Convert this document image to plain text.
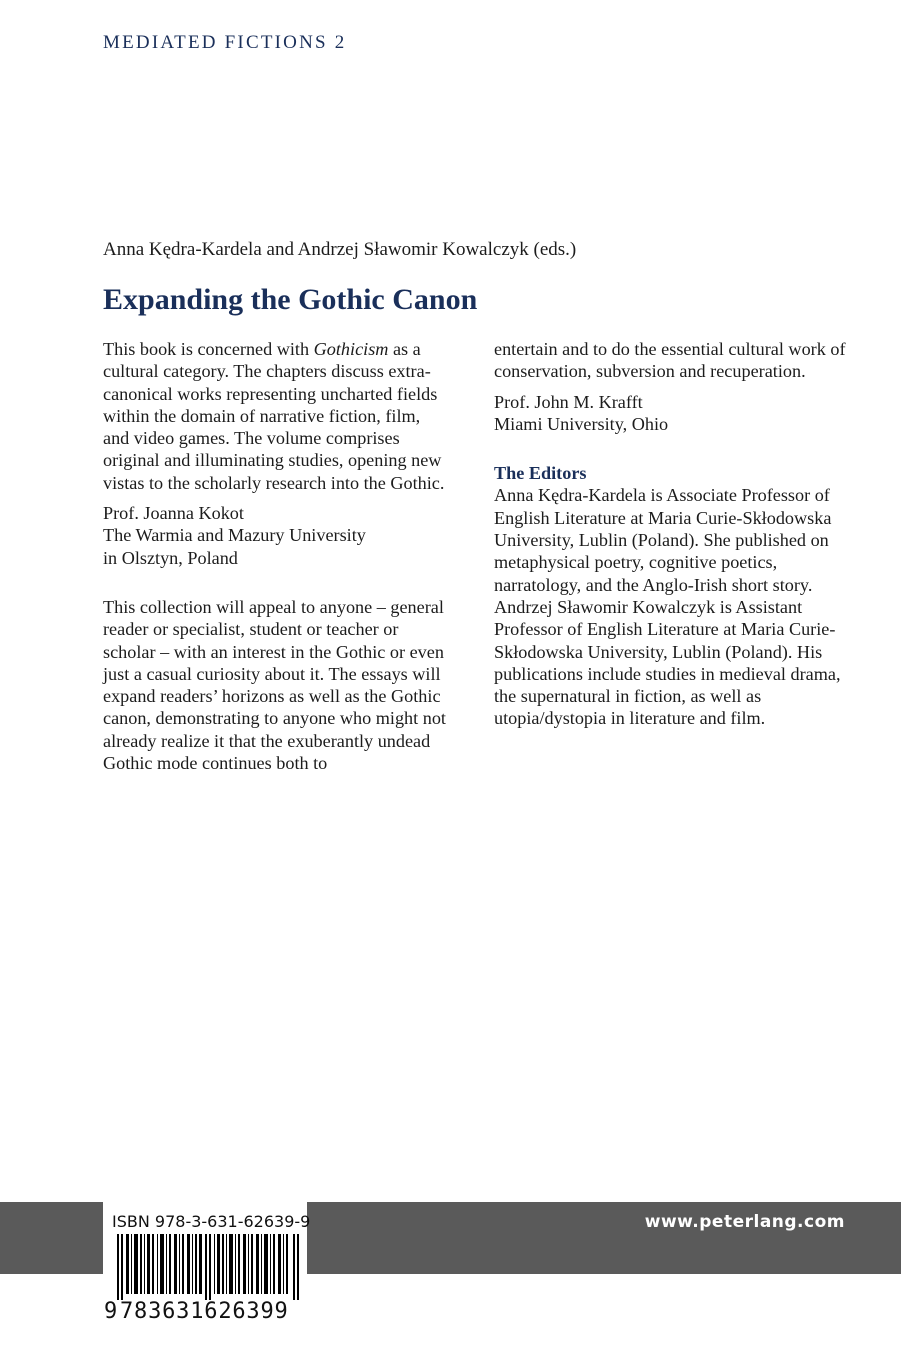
MEDIATED FICTIONS 2
Anna Kędra-Kardela and Andrzej Sławomir Kowalczyk (eds.)
Expanding the Gothic Canon

This book is concerned with Gothicism as a cultural category. The chapters discuss extra-canonical works representing uncharted fields within the domain of narrative fiction, film, and video games. The volume comprises original and illuminating studies, opening new vistas to the scholarly research into the Gothic.

Prof. Joanna Kokot

The Warmia and Mazury University

in Olsztyn, Poland

This collection will appeal to anyone – general reader or specialist, student or teacher or scholar – with an interest in the Gothic or even just a casual curiosity about it. The essays will expand readers’ horizons as well as the Gothic canon, demonstrating to anyone who might not already realize it that the exuberantly undead Gothic mode continues both to

entertain and to do the essential cultural work of conservation, subversion and recuperation.

Prof. John M. Krafft

Miami University, Ohio

The Editors

Anna Kędra-Kardela is Associate Professor of English Literature at Maria Curie-Skłodowska University, Lublin (Poland). She published on metaphysical poetry, cognitive poetics, narratology, and the Anglo-Irish short story.

Andrzej Sławomir Kowalczyk is Assistant Professor of English Literature at Maria Curie-Skłodowska University, Lublin (Poland). His publications include studies in medieval drama, the supernatural in fiction, as well as utopia/dystopia in literature and film.

www.peterlang.com
ISBN 978-3-631-62639-9
9783631626399
